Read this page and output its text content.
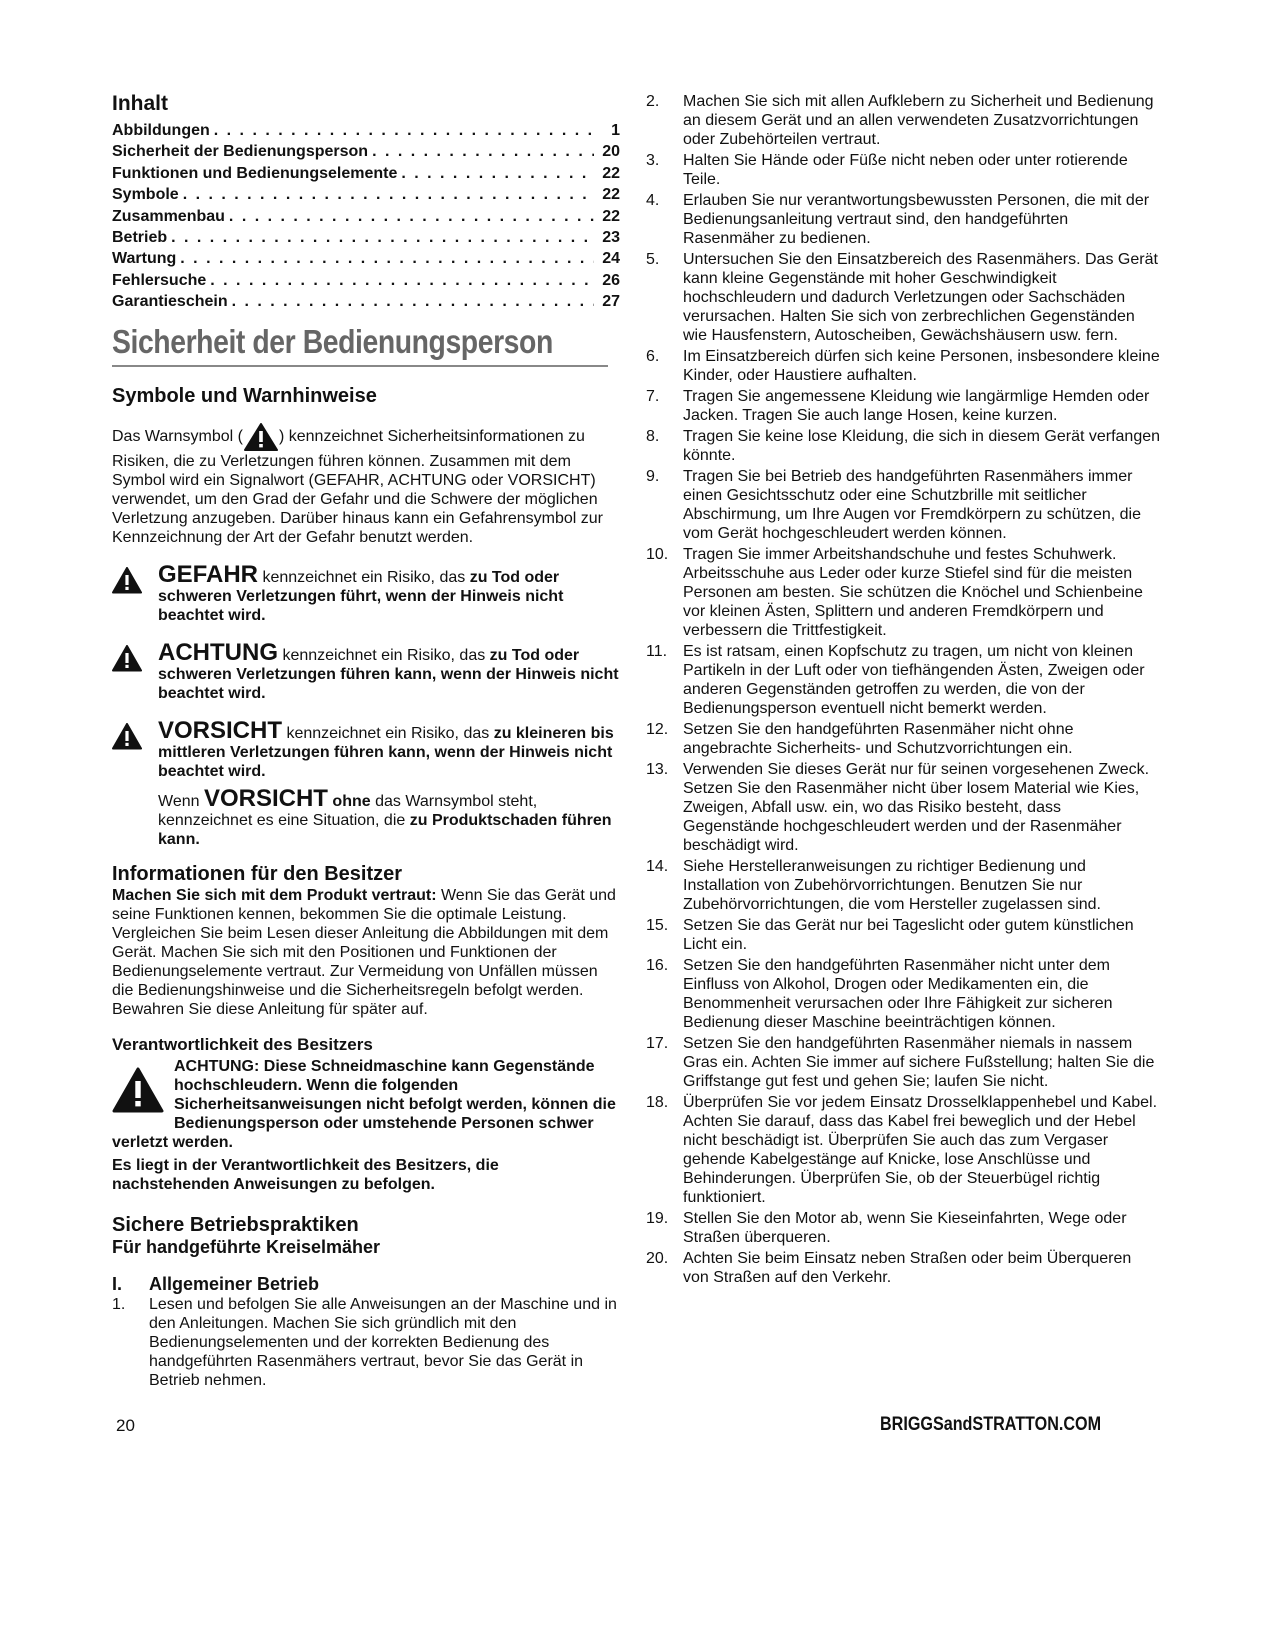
Inhalt
Abbildungen . . .	1
Sicherheit der Bedienungsperson . . .	20
Funktionen und Bedienungselemente . . .	22
Symbole . . .	22
Zusammenbau . . .	22
Betrieb . . .	23
Wartung . . .	24
Fehlersuche . . .	26
Garantieschein . . .	27
Sicherheit der Bedienungsperson
Symbole und Warnhinweise

Das Warnsymbol ( ) kennzeichnet Sicherheitsinformationen zu Risiken, die zu Verletzungen führen können. Zusammen mit dem Symbol wird ein Signalwort (GEFAHR, ACHTUNG oder VORSICHT) verwendet, um den Grad der Gefahr und die Schwere der möglichen Verletzung anzugeben. Darüber hinaus kann ein Gefahrensymbol zur Kennzeichnung der Art der Gefahr benutzt werden.

GEFAHR kennzeichnet ein Risiko, das zu Tod oder schweren Verletzungen führt, wenn der Hinweis nicht beachtet wird.
ACHTUNG kennzeichnet ein Risiko, das zu Tod oder schweren Verletzungen führen kann, wenn der Hinweis nicht beachtet wird.
VORSICHT kennzeichnet ein Risiko, das zu kleineren bis mittleren Verletzungen führen kann, wenn der Hinweis nicht beachtet wird.
Wenn VORSICHT ohne das Warnsymbol steht, kennzeichnet es eine Situation, die zu Produktschaden führen kann.
Informationen für den Besitzer

Machen Sie sich mit dem Produkt vertraut: Wenn Sie das Gerät und seine Funktionen kennen, bekommen Sie die optimale Leistung. Vergleichen Sie beim Lesen dieser Anleitung die Abbildungen mit dem Gerät. Machen Sie sich mit den Positionen und Funktionen der Bedienungselemente vertraut. Zur Vermeidung von Unfällen müssen die Bedienungshinweise und die Sicherheitsregeln befolgt werden. Bewahren Sie diese Anleitung für später auf.

Verantwortlichkeit des Besitzers

ACHTUNG: Diese Schneidmaschine kann Gegenstände hochschleudern. Wenn die folgenden Sicherheitsanweisungen nicht befolgt werden, können die Bedienungsperson oder umstehende Personen schwer verletzt werden.

Es liegt in der Verantwortlichkeit des Besitzers, die nachstehenden Anweisungen zu befolgen.

Sichere Betriebspraktiken
Für handgeführte Kreiselmäher
I.	Allgemeiner Betrieb
1.	Lesen und befolgen Sie alle Anweisungen an der Maschine und in den Anleitungen. Machen Sie sich gründlich mit den Bedienungselementen und der korrekten Bedienung des handgeführten Rasenmähers vertraut, bevor Sie das Gerät in Betrieb nehmen.
2.	Machen Sie sich mit allen Aufklebern zu Sicherheit und Bedienung an diesem Gerät und an allen verwendeten Zusatzvorrichtungen oder Zubehörteilen vertraut.
3.	Halten Sie Hände oder Füße nicht neben oder unter rotierende Teile.
4.	Erlauben Sie nur verantwortungsbewussten Personen, die mit der Bedienungsanleitung vertraut sind, den handgeführten Rasenmäher zu bedienen.
5.	Untersuchen Sie den Einsatzbereich des Rasenmähers. Das Gerät kann kleine Gegenstände mit hoher Geschwindigkeit hochschleudern und dadurch Verletzungen oder Sachschäden verursachen. Halten Sie sich von zerbrechlichen Gegenständen wie Hausfenstern, Autoscheiben, Gewächshäusern usw. fern.
6.	Im Einsatzbereich dürfen sich keine Personen, insbesondere kleine Kinder, oder Haustiere aufhalten.
7.	Tragen Sie angemessene Kleidung wie langärmlige Hemden oder Jacken. Tragen Sie auch lange Hosen, keine kurzen.
8.	Tragen Sie keine lose Kleidung, die sich in diesem Gerät verfangen könnte.
9.	Tragen Sie bei Betrieb des handgeführten Rasenmähers immer einen Gesichtsschutz oder eine Schutzbrille mit seitlicher Abschirmung, um Ihre Augen vor Fremdkörpern zu schützen, die vom Gerät hochgeschleudert werden können.
10. Tragen Sie immer Arbeitshandschuhe und festes Schuhwerk. Arbeitsschuhe aus Leder oder kurze Stiefel sind für die meisten Personen am besten. Sie schützen die Knöchel und Schienbeine vor kleinen Ästen, Splittern und anderen Fremdkörpern und verbessern die Trittfestigkeit.
11. Es ist ratsam, einen Kopfschutz zu tragen, um nicht von kleinen Partikeln in der Luft oder von tiefhängenden Ästen, Zweigen oder anderen Gegenständen getroffen zu werden, die von der Bedienungsperson eventuell nicht bemerkt werden.
12. Setzen Sie den handgeführten Rasenmäher nicht ohne angebrachte Sicherheits- und Schutzvorrichtungen ein.
13. Verwenden Sie dieses Gerät nur für seinen vorgesehenen Zweck. Setzen Sie den Rasenmäher nicht über losem Material wie Kies, Zweigen, Abfall usw. ein, wo das Risiko besteht, dass Gegenstände hochgeschleudert werden und der Rasenmäher beschädigt wird.
14. Siehe Herstelleranweisungen zu richtiger Bedienung und Installation von Zubehörvorrichtungen. Benutzen Sie nur Zubehörvorrichtungen, die vom Hersteller zugelassen sind.
15. Setzen Sie das Gerät nur bei Tageslicht oder gutem künstlichen Licht ein.
16. Setzen Sie den handgeführten Rasenmäher nicht unter dem Einfluss von Alkohol, Drogen oder Medikamenten ein, die Benommenheit verursachen oder Ihre Fähigkeit zur sicheren Bedienung dieser Maschine beeinträchtigen können.
17. Setzen Sie den handgeführten Rasenmäher niemals in nassem Gras ein. Achten Sie immer auf sichere Fußstellung; halten Sie die Griffstange gut fest und gehen Sie; laufen Sie nicht.
18. Überprüfen Sie vor jedem Einsatz Drosselklappenhebel und Kabel. Achten Sie darauf, dass das Kabel frei beweglich und der Hebel nicht beschädigt ist. Überprüfen Sie auch das zum Vergaser gehende Kabelgestänge auf Knicke, lose Anschlüsse und Behinderungen. Überprüfen Sie, ob der Steuerbügel richtig funktioniert.
19. Stellen Sie den Motor ab, wenn Sie Kieseinfahrten, Wege oder Straßen überqueren.
20. Achten Sie beim Einsatz neben Straßen oder beim Überqueren von Straßen auf den Verkehr.
20	BRIGGSandSTRATTON.COM
